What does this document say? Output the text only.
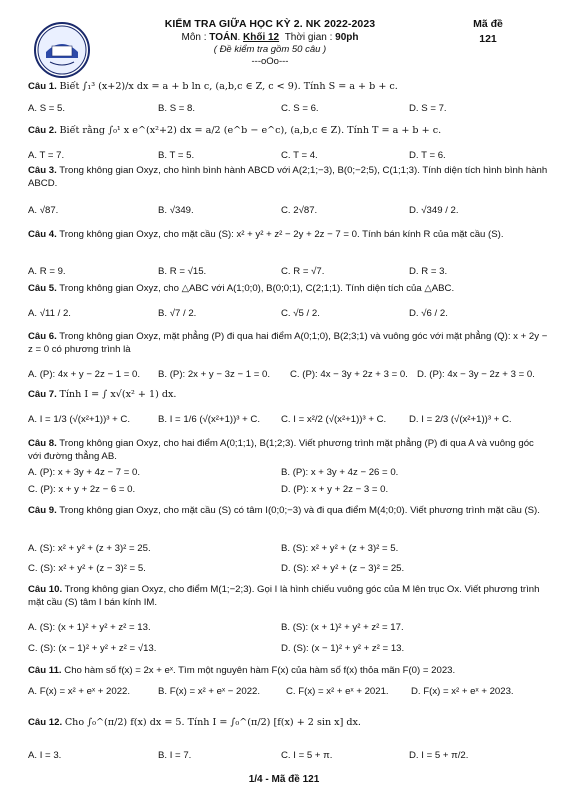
KIỂM TRA GIỮA HỌC KỲ 2. NK 2022-2023
Môn : TOÁN. Khối 12 Thời gian : 90ph
( Đề kiểm tra gồm 50 câu )
---oOo---
Mã đề
121
Câu 1. Biết ∫₁³ (x+2)/x dx = a + b ln c, (a,b,c ∈ Z, c < 9). Tính S = a + b + c.
A. S = 5.	B. S = 8.	C. S = 6.	D. S = 7.
Câu 2. Biết rằng ∫₀¹ x e^(x²+2) dx = a/2 (e^b − e^c), (a,b,c ∈ Z). Tính T = a + b + c.
A. T = 7.	B. T = 5.	C. T = 4.	D. T = 6.
Câu 3. Trong không gian Oxyz, cho hình bình hành ABCD với A(2;1;−3), B(0;−2;5), C(1;1;3). Tính diện tích hình bình hành ABCD.
A. √87.	B. √349.	C. 2√87.	D. √349 / 2.
Câu 4. Trong không gian Oxyz, cho mặt cầu (S): x² + y² + z² − 2y + 2z − 7 = 0. Tính bán kính R của mặt cầu (S).
A. R = 9.	B. R = √15.	C. R = √7.	D. R = 3.
Câu 5. Trong không gian Oxyz, cho △ABC với A(1;0;0), B(0;0;1), C(2;1;1). Tính diện tích của △ABC.
A. √11 / 2.	B. √7 / 2.	C. √5 / 2.	D. √6 / 2.
Câu 6. Trong không gian Oxyz, mặt phẳng (P) đi qua hai điểm A(0;1;0), B(2;3;1) và vuông góc với mặt phẳng (Q): x + 2y − z = 0 có phương trình là
A. (P): 4x + y − 2z − 1 = 0. B. (P): 2x + y − 3z − 1 = 0. C. (P): 4x − 3y + 2z + 3 = 0. D. (P): 4x − 3y − 2z + 3 = 0.
Câu 7. Tính I = ∫ x√(x² + 1) dx.
A. I = 1/3 (√(x²+1))³ + C.	B. I = 1/6 (√(x²+1))³ + C. C. I = x²/2 (√(x²+1))³ + C. D. I = 2/3 (√(x²+1))³ + C.
Câu 8. Trong không gian Oxyz, cho hai điểm A(0;1;1), B(1;2;3). Viết phương trình mặt phẳng (P) đi qua A và vuông góc với đường thẳng AB.
A. (P): x + 3y + 4z − 7 = 0.	B. (P): x + 3y + 4z − 26 = 0.
C. (P): x + y + 2z − 6 = 0.	D. (P): x + y + 2z − 3 = 0.
Câu 9. Trong không gian Oxyz, cho mặt cầu (S) có tâm I(0;0;−3) và đi qua điểm M(4;0;0). Viết phương trình mặt cầu (S).
A. (S): x² + y² + (z + 3)² = 25.	B. (S): x² + y² + (z + 3)² = 5.
C. (S): x² + y² + (z − 3)² = 5.	D. (S): x² + y² + (z − 3)² = 25.
Câu 10. Trong không gian Oxyz, cho điểm M(1;−2;3). Gọi I là hình chiếu vuông góc của M lên trục Ox. Viết phương trình mặt cầu (S) tâm I bán kính IM.
A. (S): (x + 1)² + y² + z² = 13.	B. (S): (x + 1)² + y² + z² = 17.
C. (S): (x − 1)² + y² + z² = √13.	D. (S): (x − 1)² + y² + z² = 13.
Câu 11. Cho hàm số f(x) = 2x + eˣ. Tìm một nguyên hàm F(x) của hàm số f(x) thỏa mãn F(0) = 2023.
A. F(x) = x² + eˣ + 2022.	B. F(x) = x² + eˣ − 2022.	C. F(x) = x² + eˣ + 2021. D. F(x) = x² + eˣ + 2023.
Câu 12. Cho ∫₀^(π/2) f(x) dx = 5. Tính I = ∫₀^(π/2) [f(x) + 2 sin x] dx.
A. I = 3.	B. I = 7.	C. I = 5 + π.	D. I = 5 + π/2.
1/4 - Mã đề 121
